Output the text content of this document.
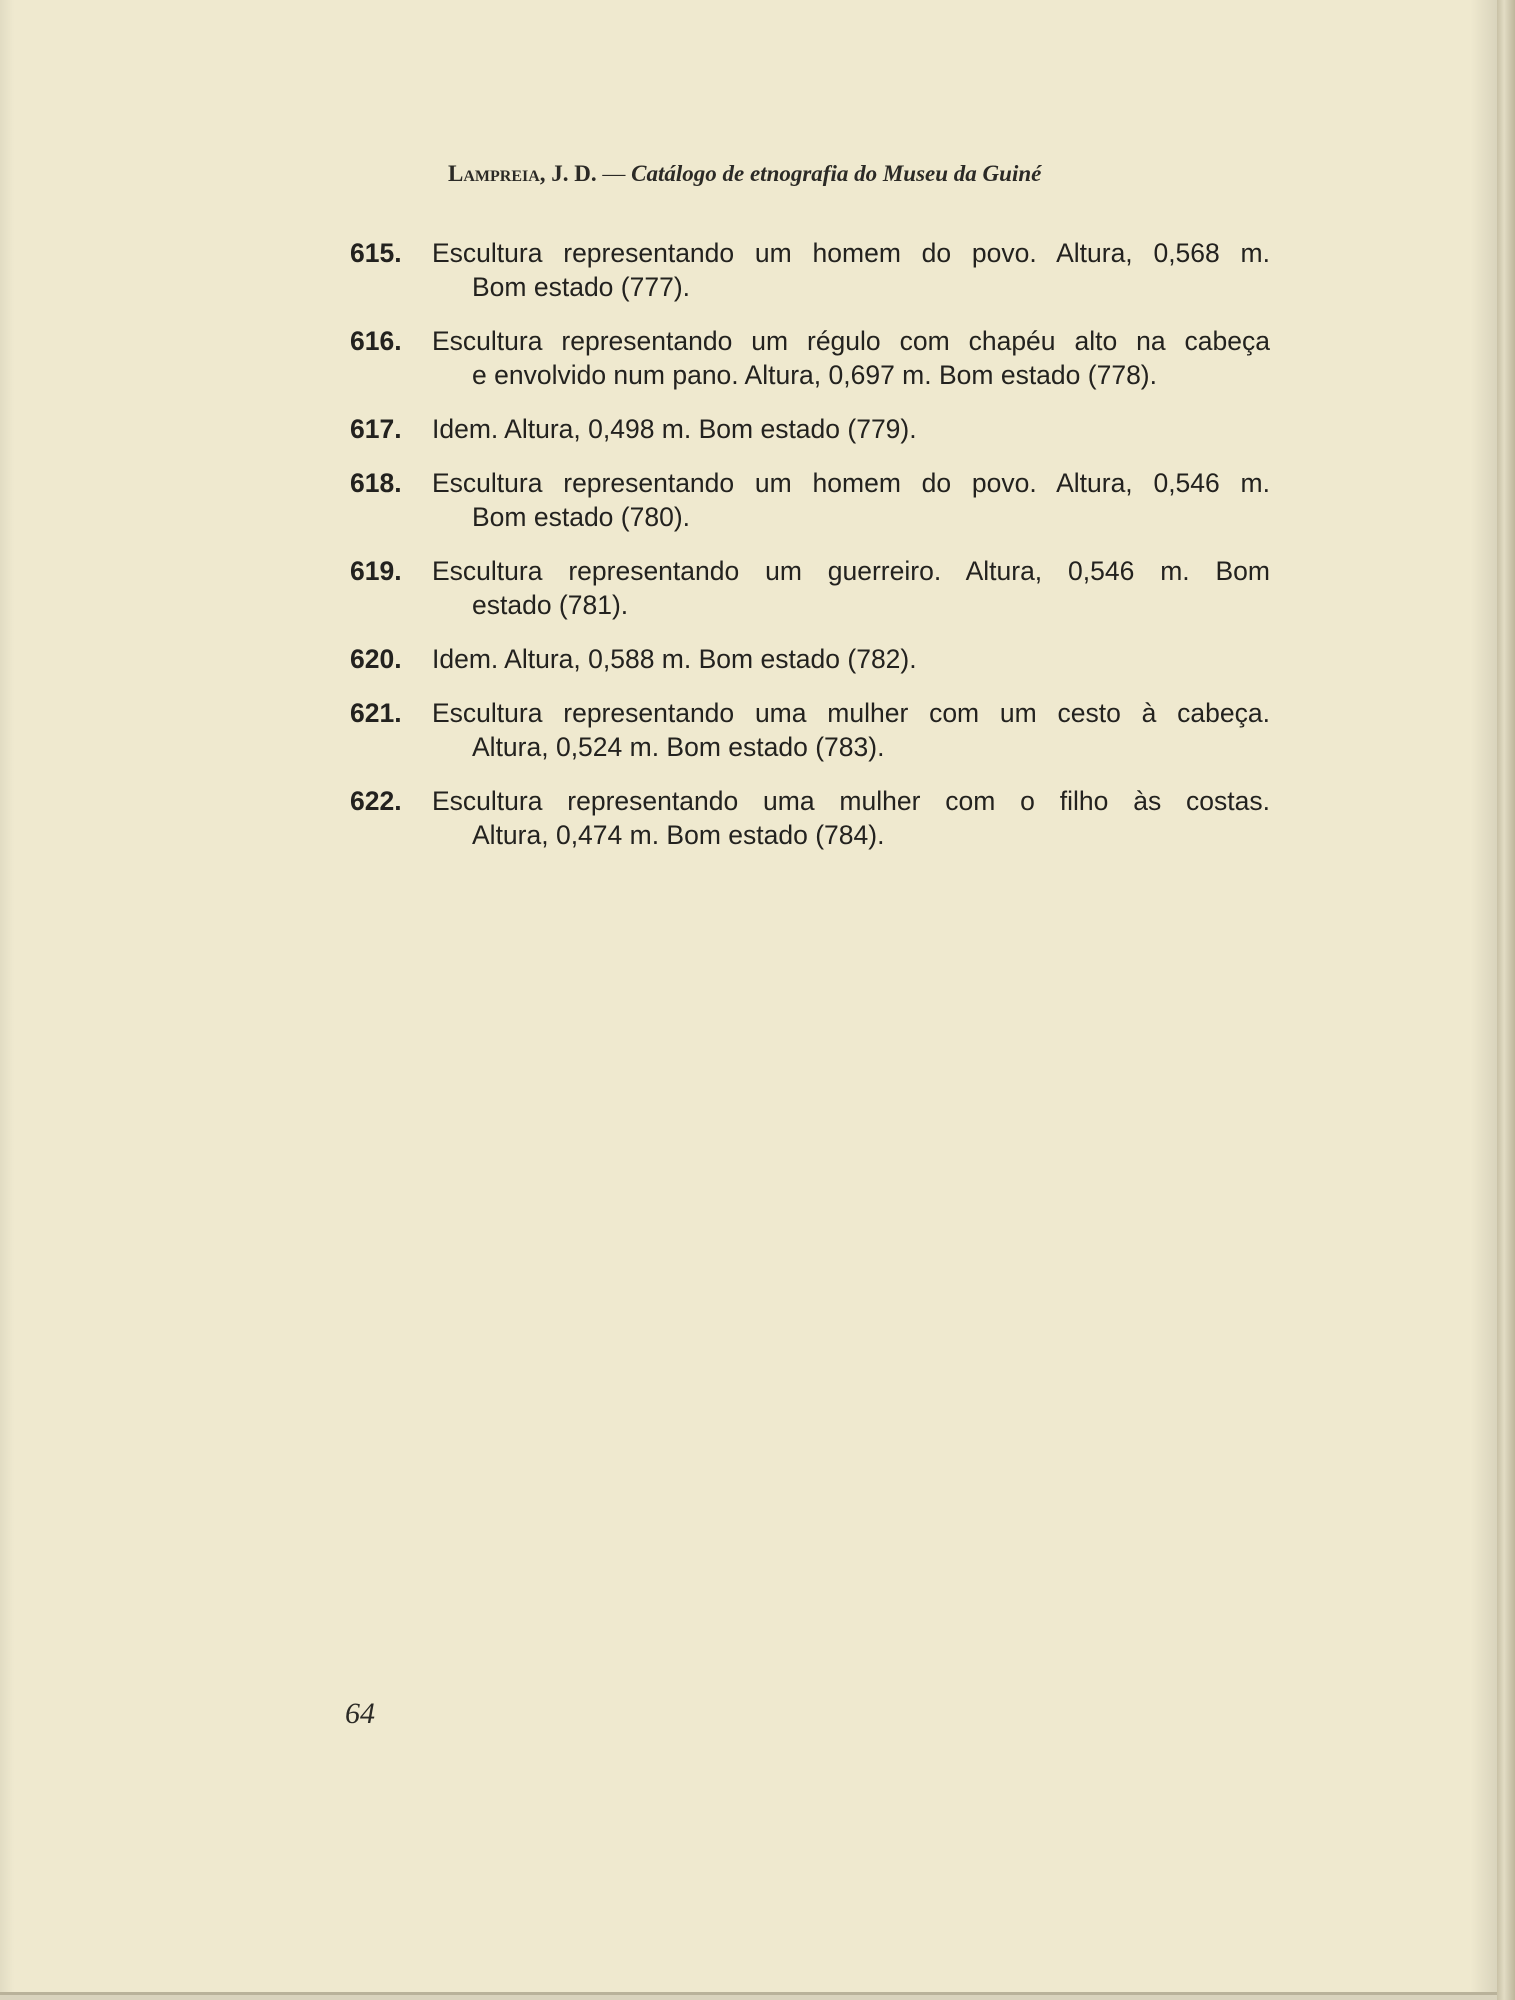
Lampreia, J. D. — Catálogo de etnografia do Museu da Guiné
615. Escultura representando um homem do povo. Altura, 0,568 m.
Bom estado (777).
616. Escultura representando um régulo com chapéu alto na cabeça
e envolvido num pano. Altura, 0,697 m. Bom estado (778).
617. Idem. Altura, 0,498 m. Bom estado (779).
618. Escultura representando um homem do povo. Altura, 0,546 m.
Bom estado (780).
619. Escultura representando um guerreiro. Altura, 0,546 m. Bom
estado (781).
620. Idem. Altura, 0,588 m. Bom estado (782).
621. Escultura representando uma mulher com um cesto à cabeça.
Altura, 0,524 m. Bom estado (783).
622. Escultura representando uma mulher com o filho às costas.
Altura, 0,474 m. Bom estado (784).
64
